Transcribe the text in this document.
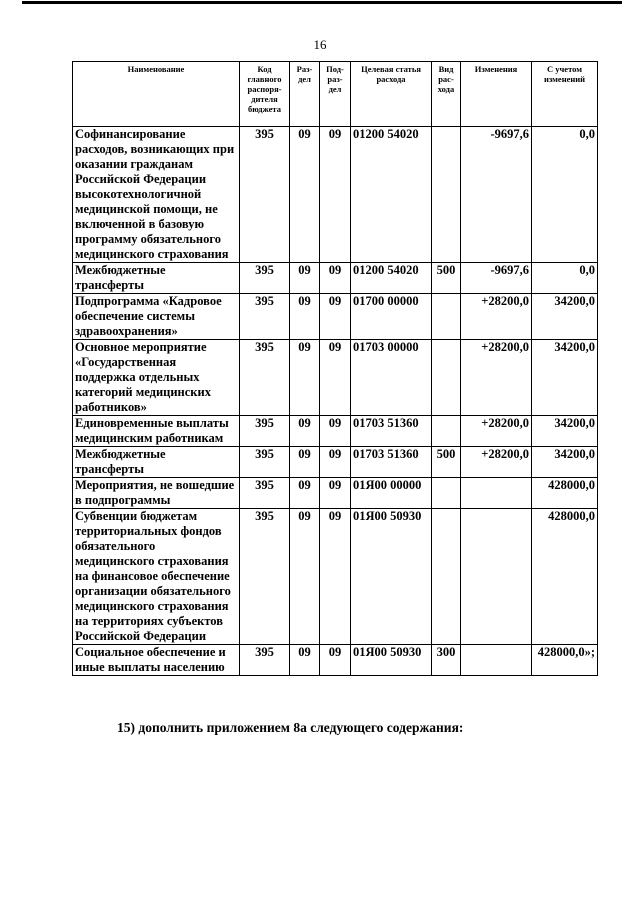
16
Наименование	Код главного распоря-дителя бюджета	Раз-дел	Под-раз-дел	Целевая статья расхода	Вид рас-хода	Изменения	С учетом изменений
Софинансирование расходов, возникающих при оказании гражданам Российской Федерации высокотехнологичной медицинской помощи, не включенной в базовую программу обязательного медицинского страхования	395	09	09	01200 54020		-9697,6	0,0
Межбюджетные трансферты	395	09	09	01200 54020	500	-9697,6	0,0
Подпрограмма «Кадровое обеспечение системы здравоохранения»	395	09	09	01700 00000		+28200,0	34200,0
Основное мероприятие «Государственная поддержка отдельных категорий медицинских работников»	395	09	09	01703 00000		+28200,0	34200,0
Единовременные выплаты медицинским работникам	395	09	09	01703 51360		+28200,0	34200,0
Межбюджетные трансферты	395	09	09	01703 51360	500	+28200,0	34200,0
Мероприятия, не вошедшие в подпрограммы	395	09	09	01Я00 00000			428000,0
Субвенции бюджетам территориальных фондов обязательного медицинского страхования на финансовое обеспечение организации обязательного медицинского страхования на территориях субъектов Российской Федерации	395	09	09	01Я00 50930			428000,0
Социальное обеспечение и иные выплаты населению	395	09	09	01Я00 50930	300		428000,0»;
15) дополнить приложением 8а следующего содержания:
